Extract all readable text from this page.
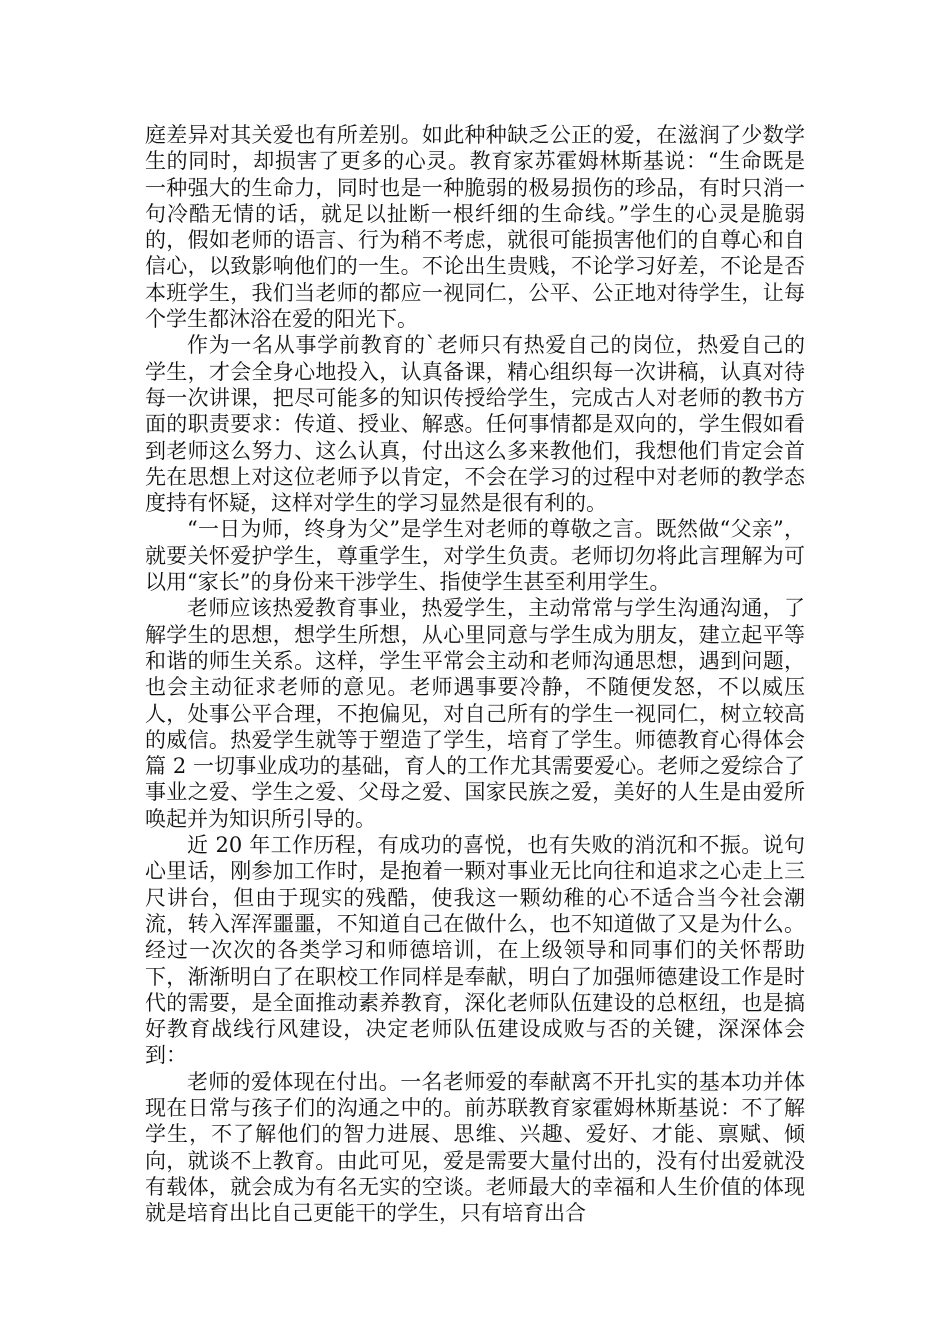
庭差异对其关爱也有所差别。如此种种缺乏公正的爱，在滋润了少数学生的同时，却损害了更多的心灵。教育家苏霍姆林斯基说：“生命既是一种强大的生命力，同时也是一种脆弱的极易损伤的珍品，有时只消一句冷酷无情的话，就足以扯断一根纤细的生命线。”学生的心灵是脆弱的，假如老师的语言、行为稍不考虑，就很可能损害他们的自尊心和自信心，以致影响他们的一生。不论出生贵贱，不论学习好差，不论是否本班学生，我们当老师的都应一视同仁，公平、公正地对待学生，让每个学生都沐浴在爱的阳光下。

作为一名从事学前教育的`老师只有热爱自己的岗位，热爱自己的学生，才会全身心地投入，认真备课，精心组织每一次讲稿，认真对待每一次讲课，把尽可能多的知识传授给学生，完成古人对老师的教书方面的职责要求：传道、授业、解惑。任何事情都是双向的，学生假如看到老师这么努力、这么认真，付出这么多来教他们，我想他们肯定会首先在思想上对这位老师予以肯定，不会在学习的过程中对老师的教学态度持有怀疑，这样对学生的学习显然是很有利的。

“一日为师，终身为父”是学生对老师的尊敬之言。既然做“父亲”，就要关怀爱护学生，尊重学生，对学生负责。老师切勿将此言理解为可以用“家长”的身份来干涉学生、指使学生甚至利用学生。

老师应该热爱教育事业，热爱学生，主动常常与学生沟通沟通，了解学生的思想，想学生所想，从心里同意与学生成为朋友，建立起平等和谐的师生关系。这样，学生平常会主动和老师沟通思想，遇到问题，也会主动征求老师的意见。老师遇事要冷静，不随便发怒，不以威压人，处事公平合理，不抱偏见，对自己所有的学生一视同仁，树立较高的威信。热爱学生就等于塑造了学生，培育了学生。师德教育心得体会 篇 2 一切事业成功的基础，育人的工作尤其需要爱心。老师之爱综合了事业之爱、学生之爱、父母之爱、国家民族之爱，美好的人生是由爱所唤起并为知识所引导的。

近 20 年工作历程，有成功的喜悦，也有失败的消沉和不振。说句心里话，刚参加工作时，是抱着一颗对事业无比向往和追求之心走上三尺讲台，但由于现实的残酷，使我这一颗幼稚的心不适合当今社会潮流，转入浑浑噩噩，不知道自己在做什么，也不知道做了又是为什么。经过一次次的各类学习和师德培训，在上级领导和同事们的关怀帮助下，渐渐明白了在职校工作同样是奉献，明白了加强师德建设工作是时代的需要，是全面推动素养教育，深化老师队伍建设的总枢纽，也是搞好教育战线行风建设，决定老师队伍建设成败与否的关键，深深体会到：

老师的爱体现在付出。一名老师爱的奉献离不开扎实的基本功并体现在日常与孩子们的沟通之中的。前苏联教育家霍姆林斯基说：不了解学生，不了解他们的智力进展、思维、兴趣、爱好、才能、禀赋、倾向，就谈不上教育。由此可见，爱是需要大量付出的，没有付出爱就没有载体，就会成为有名无实的空谈。老师最大的幸福和人生价值的体现就是培育出比自己更能干的学生，只有培育出合
